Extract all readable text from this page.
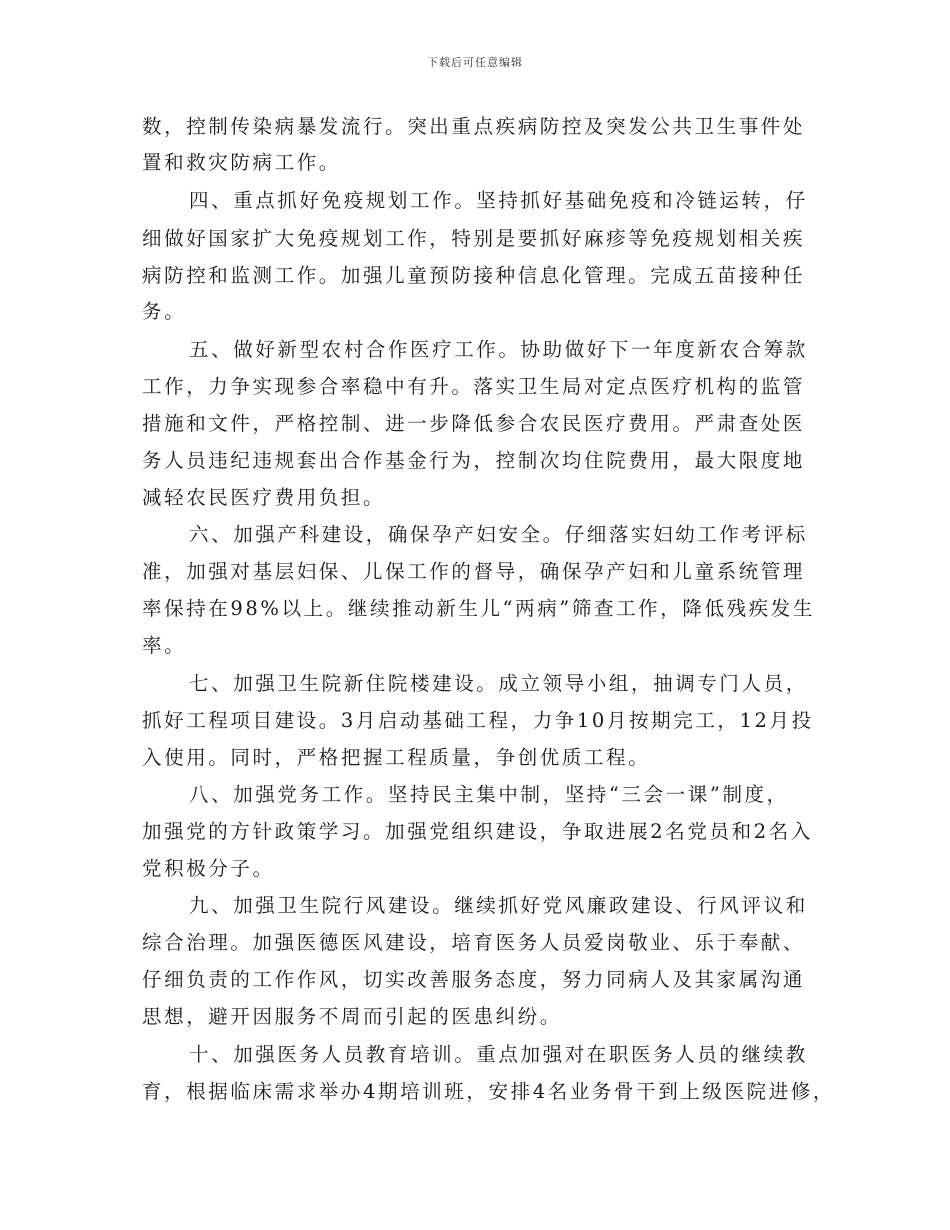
下载后可任意编辑
数，控制传染病暴发流行。突出重点疾病防控及突发公共卫生事件处
置和救灾防病工作。
四、重点抓好免疫规划工作。坚持抓好基础免疫和冷链运转，仔
细做好国家扩大免疫规划工作，特别是要抓好麻疹等免疫规划相关疾
病防控和监测工作。加强儿童预防接种信息化管理。完成五苗接种任
务。
五、做好新型农村合作医疗工作。协助做好下一年度新农合筹款
工作，力争实现参合率稳中有升。落实卫生局对定点医疗机构的监管
措施和文件，严格控制、进一步降低参合农民医疗费用。严肃查处医
务人员违纪违规套出合作基金行为，控制次均住院费用，最大限度地
减轻农民医疗费用负担。
六、加强产科建设，确保孕产妇安全。仔细落实妇幼工作考评标
准，加强对基层妇保、儿保工作的督导，确保孕产妇和儿童系统管理
率保持在98%以上。继续推动新生儿“两病”筛查工作，降低残疾发生
率。
七、加强卫生院新住院楼建设。成立领导小组，抽调专门人员，
抓好工程项目建设。3月启动基础工程，力争10月按期完工，12月投
入使用。同时，严格把握工程质量，争创优质工程。
八、加强党务工作。坚持民主集中制，坚持“三会一课”制度，
加强党的方针政策学习。加强党组织建设，争取进展2名党员和2名入
党积极分子。
九、加强卫生院行风建设。继续抓好党风廉政建设、行风评议和
综合治理。加强医德医风建设，培育医务人员爱岗敬业、乐于奉献、
仔细负责的工作作风，切实改善服务态度，努力同病人及其家属沟通
思想，避开因服务不周而引起的医患纠纷。
十、加强医务人员教育培训。重点加强对在职医务人员的继续教
育，根据临床需求举办4期培训班，安排4名业务骨干到上级医院进修，
